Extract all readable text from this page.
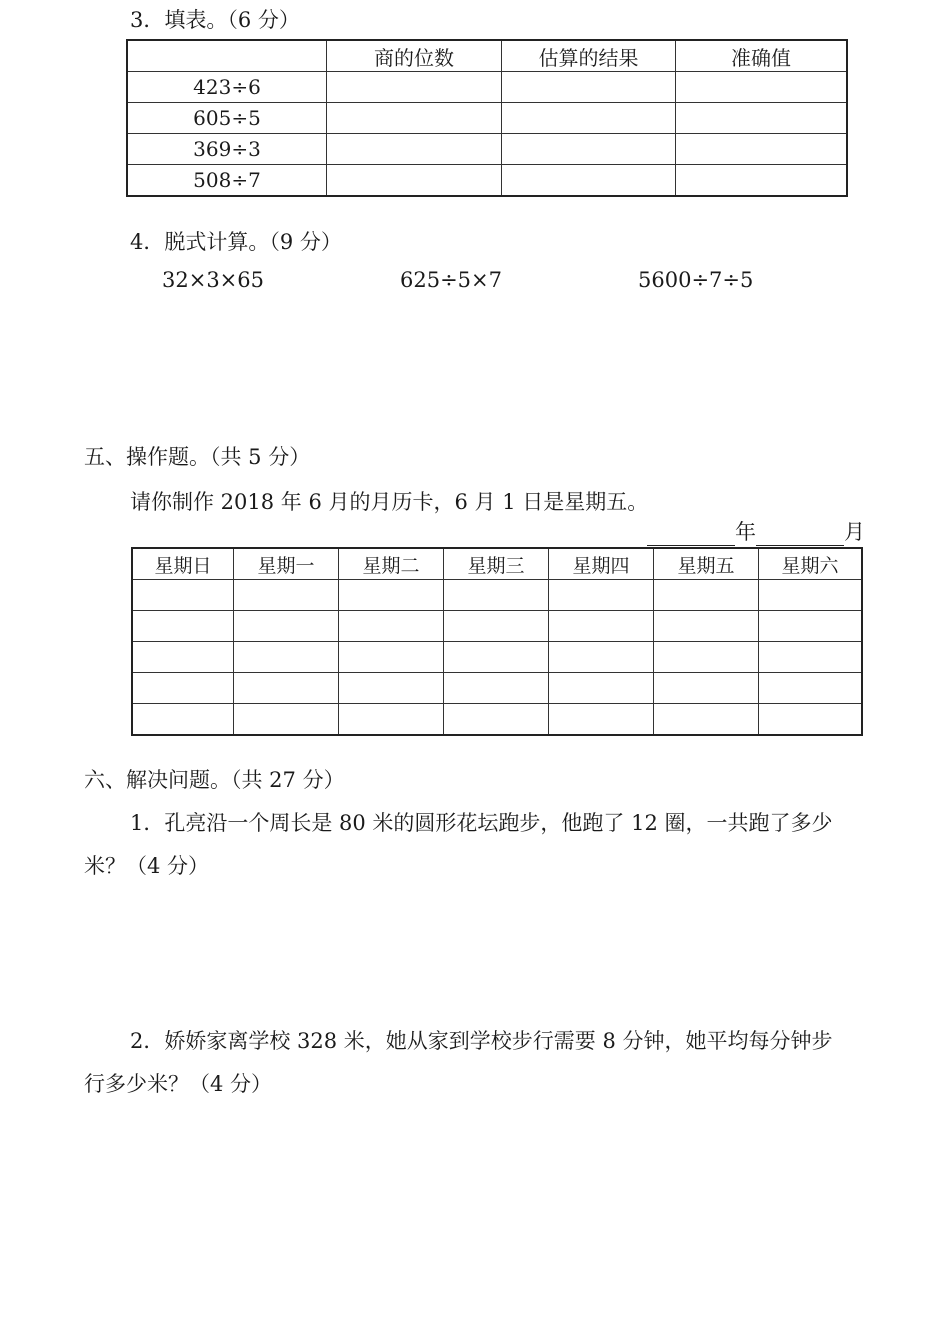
3．填表。（6 分）
	商的位数	估算的结果	准确值
423÷6			
605÷5			
369÷3			
508÷7			
4．脱式计算。（9 分）
32×3×65	625÷5×7	5600÷7÷5
五、操作题。（共 5 分）
请你制作 2018 年 6 月的月历卡，6 月 1 日是星期五。
年	月
星期日	星期一	星期二	星期三	星期四	星期五	星期六

六、解决问题。（共 27 分）
1．孔亮沿一个周长是 80 米的圆形花坛跑步，他跑了 12 圈，一共跑了多少
米？（4 分）
2．娇娇家离学校 328 米，她从家到学校步行需要 8 分钟，她平均每分钟步
行多少米？（4 分）
